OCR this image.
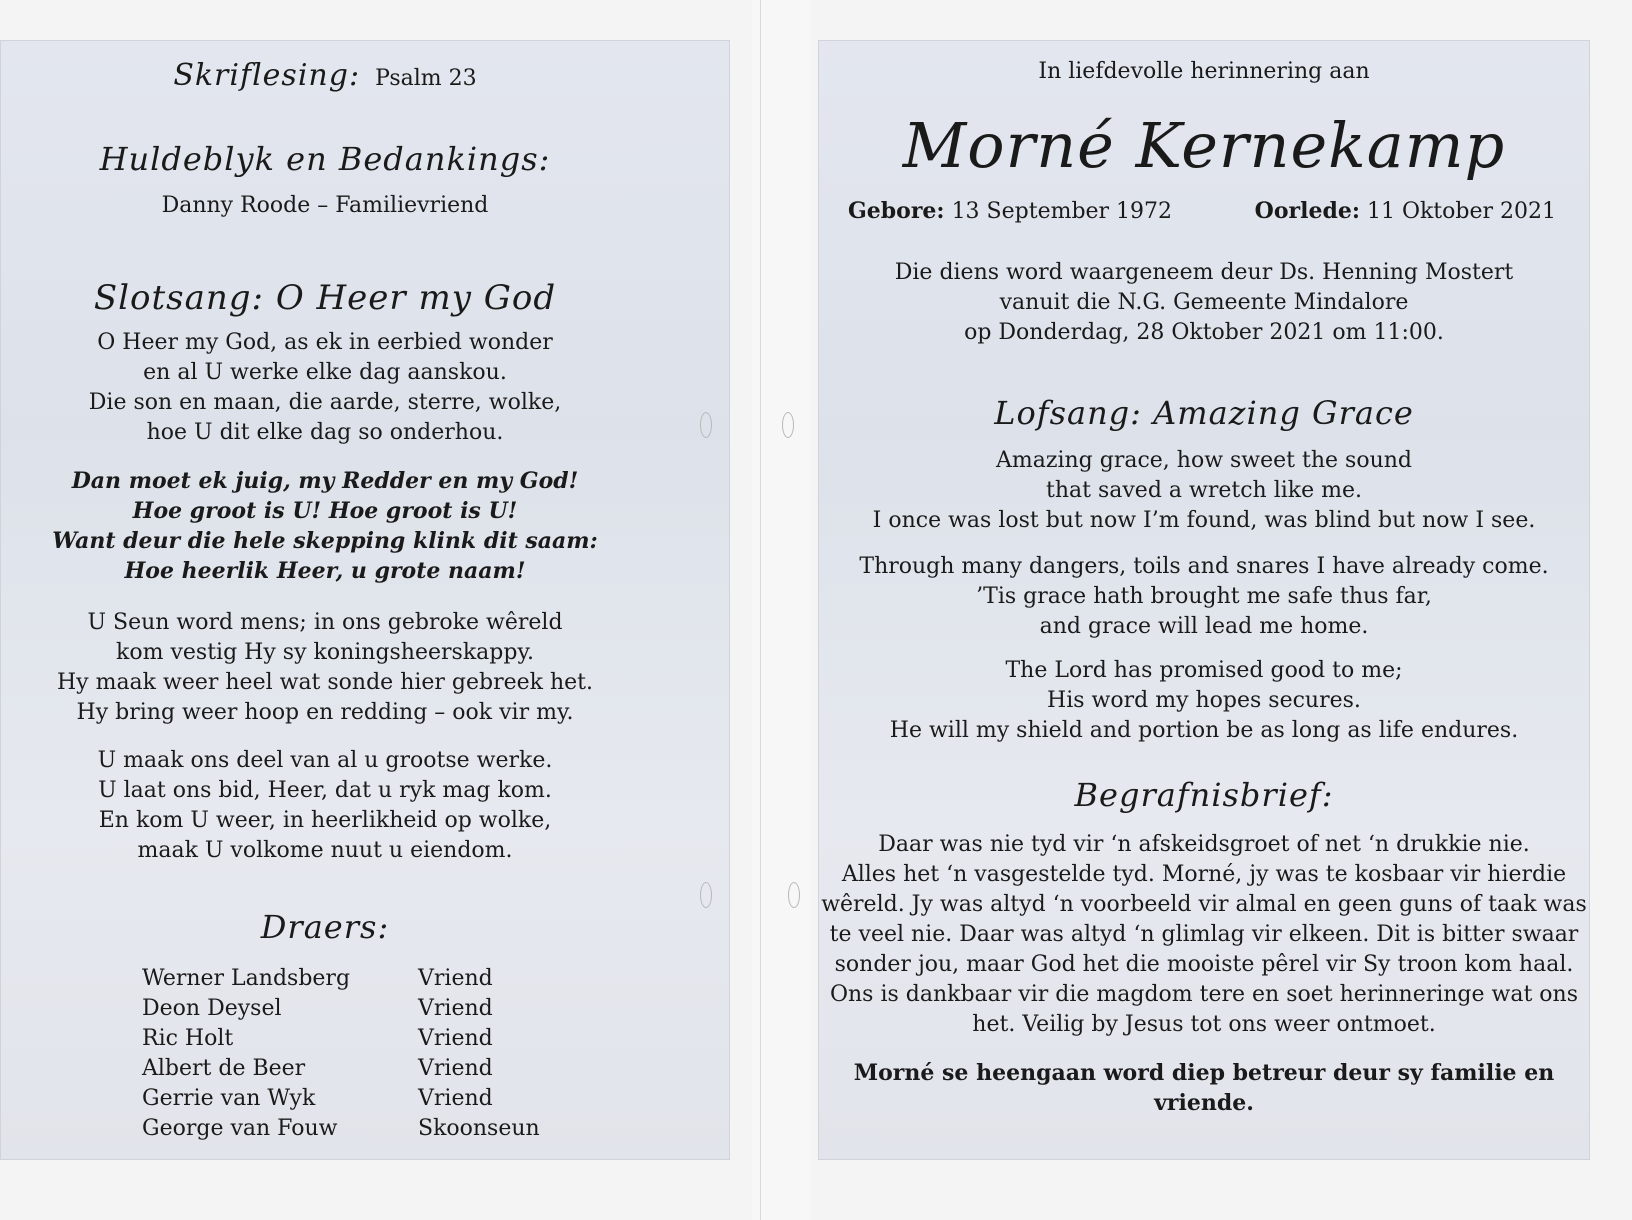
Skriflesing: Psalm 23
Huldeblyk en Bedankings:
Danny Roode – Familievriend
Slotsang: O Heer my God
O Heer my God, as ek in eerbied wonder
en al U werke elke dag aanskou.
Die son en maan, die aarde, sterre, wolke,
hoe U dit elke dag so onderhou.
Dan moet ek juig, my Redder en my God!
Hoe groot is U! Hoe groot is U!
Want deur die hele skepping klink dit saam:
Hoe heerlik Heer, u grote naam!
U Seun word mens; in ons gebroke wêreld
kom vestig Hy sy koningsheerskappy.
Hy maak weer heel wat sonde hier gebreek het.
Hy bring weer hoop en redding – ook vir my.
U maak ons deel van al u grootse werke.
U laat ons bid, Heer, dat u ryk mag kom.
En kom U weer, in heerlikheid op wolke,
maak U volkome nuut u eiendom.
Draers:
Werner Landsberg	Vriend
Deon Deysel	Vriend
Ric Holt	Vriend
Albert de Beer	Vriend
Gerrie van Wyk	Vriend
George van Fouw	Skoonseun
In liefdevolle herinnering aan
Morné Kernekamp
Gebore: 13 September 1972	Oorlede: 11 Oktober 2021
Die diens word waargeneem deur Ds. Henning Mostert
vanuit die N.G. Gemeente Mindalore
op Donderdag, 28 Oktober 2021 om 11:00.
Lofsang: Amazing Grace
Amazing grace, how sweet the sound
that saved a wretch like me.
I once was lost but now I’m found, was blind but now I see.
Through many dangers, toils and snares I have already come.
’Tis grace hath brought me safe thus far,
and grace will lead me home.
The Lord has promised good to me;
His word my hopes secures.
He will my shield and portion be as long as life endures.
Begrafnisbrief:
Daar was nie tyd vir ‘n afskeidsgroet of net ‘n drukkie nie.
Alles het ‘n vasgestelde tyd. Morné, jy was te kosbaar vir hierdie
wêreld. Jy was altyd ‘n voorbeeld vir almal en geen guns of taak was
te veel nie. Daar was altyd ‘n glimlag vir elkeen. Dit is bitter swaar
sonder jou, maar God het die mooiste pêrel vir Sy troon kom haal.
Ons is dankbaar vir die magdom tere en soet herinneringe wat ons
het. Veilig by Jesus tot ons weer ontmoet.
Morné se heengaan word diep betreur deur sy familie en
vriende.
